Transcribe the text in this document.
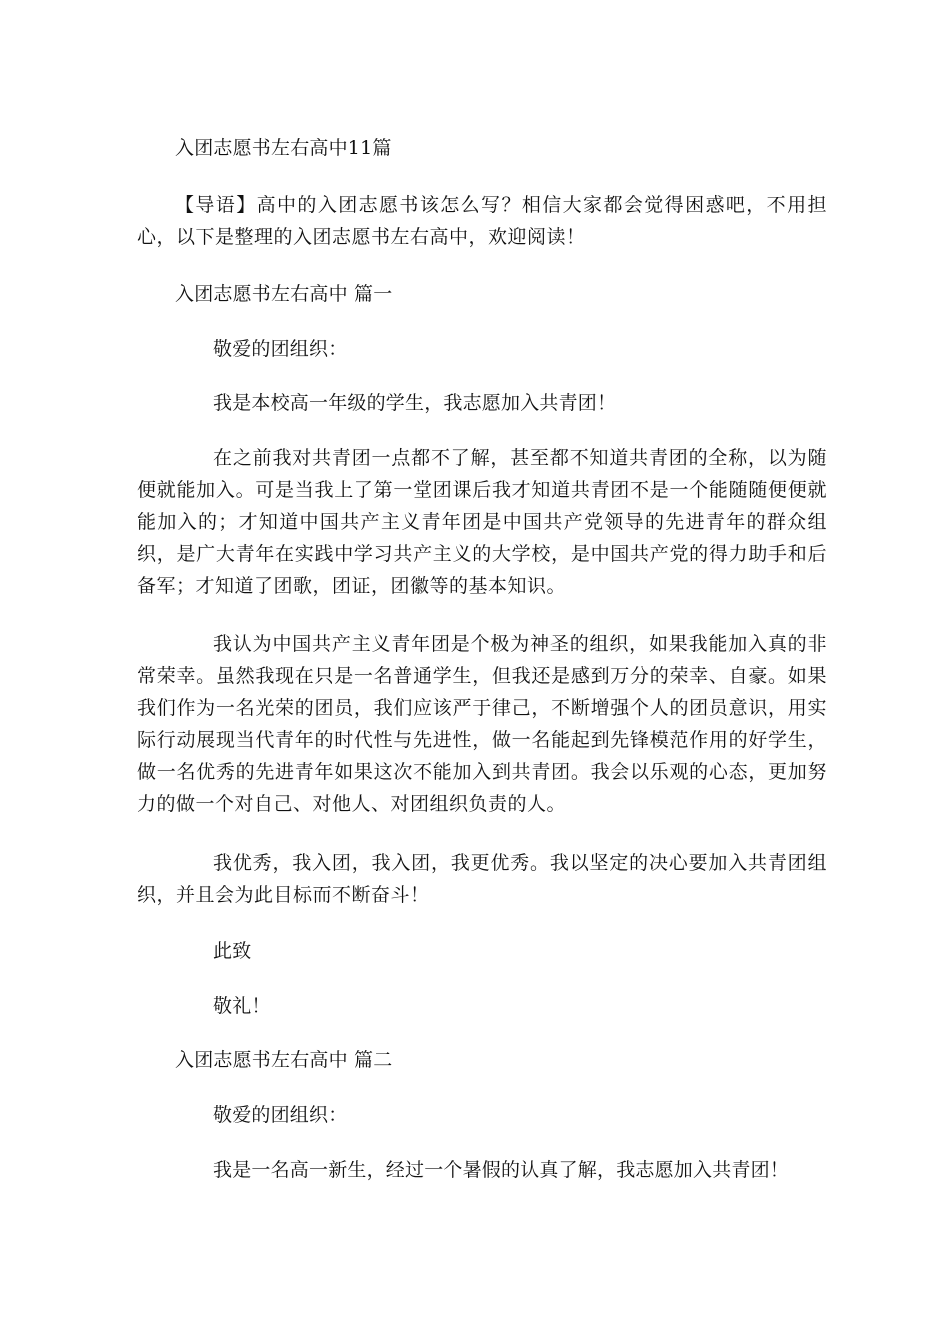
入团志愿书左右高中11篇
【导语】高中的入团志愿书该怎么写？相信大家都会觉得困惑吧，不用担心，以下是整理的入团志愿书左右高中，欢迎阅读！
入团志愿书左右高中 篇一
敬爱的团组织：
我是本校高一年级的学生，我志愿加入共青团！
在之前我对共青团一点都不了解，甚至都不知道共青团的全称，以为随便就能加入。可是当我上了第一堂团课后我才知道共青团不是一个能随随便便就能加入的；才知道中国共产主义青年团是中国共产党领导的先进青年的群众组织，是广大青年在实践中学习共产主义的大学校，是中国共产党的得力助手和后备军；才知道了团歌，团证，团徽等的基本知识。
我认为中国共产主义青年团是个极为神圣的组织，如果我能加入真的非常荣幸。虽然我现在只是一名普通学生，但我还是感到万分的荣幸、自豪。如果我们作为一名光荣的团员，我们应该严于律己，不断增强个人的团员意识，用实际行动展现当代青年的时代性与先进性，做一名能起到先锋模范作用的好学生，做一名优秀的先进青年如果这次不能加入到共青团。我会以乐观的心态，更加努力的做一个对自己、对他人、对团组织负责的人。
我优秀，我入团，我入团，我更优秀。我以坚定的决心要加入共青团组织，并且会为此目标而不断奋斗！
此致
敬礼！
入团志愿书左右高中 篇二
敬爱的团组织：
我是一名高一新生，经过一个暑假的认真了解，我志愿加入共青团！
